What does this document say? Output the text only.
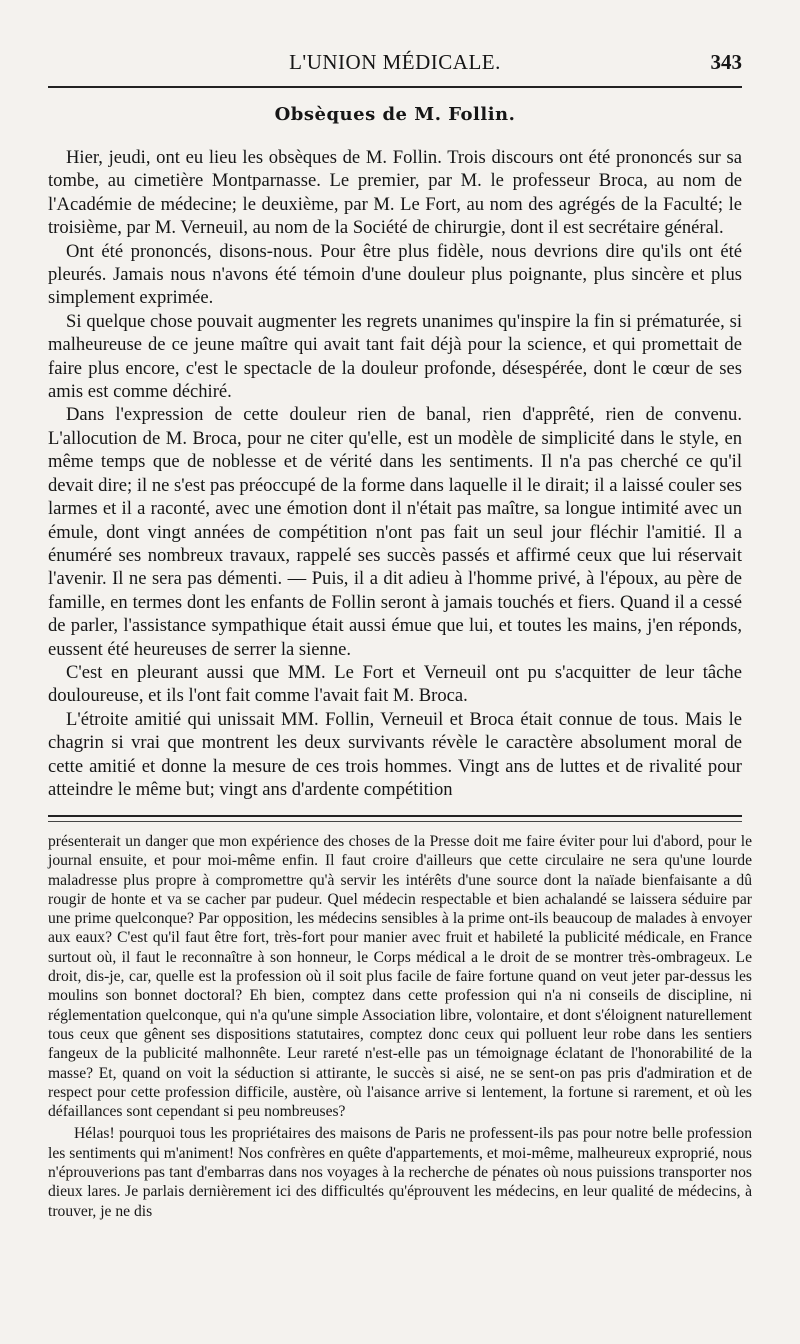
L'UNION MÉDICALE.	343
Obsèques de M. Follin.

Hier, jeudi, ont eu lieu les obsèques de M. Follin. Trois discours ont été prononcés sur sa tombe, au cimetière Montparnasse. Le premier, par M. le professeur Broca, au nom de l'Académie de médecine; le deuxième, par M. Le Fort, au nom des agrégés de la Faculté; le troisième, par M. Verneuil, au nom de la Société de chirurgie, dont il est secrétaire général.

Ont été prononcés, disons-nous. Pour être plus fidèle, nous devrions dire qu'ils ont été pleurés. Jamais nous n'avons été témoin d'une douleur plus poignante, plus sincère et plus simplement exprimée.

Si quelque chose pouvait augmenter les regrets unanimes qu'inspire la fin si prématurée, si malheureuse de ce jeune maître qui avait tant fait déjà pour la science, et qui promettait de faire plus encore, c'est le spectacle de la douleur profonde, désespérée, dont le cœur de ses amis est comme déchiré.

Dans l'expression de cette douleur rien de banal, rien d'apprêté, rien de convenu. L'allocution de M. Broca, pour ne citer qu'elle, est un modèle de simplicité dans le style, en même temps que de noblesse et de vérité dans les sentiments. Il n'a pas cherché ce qu'il devait dire; il ne s'est pas préoccupé de la forme dans laquelle il le dirait; il a laissé couler ses larmes et il a raconté, avec une émotion dont il n'était pas maître, sa longue intimité avec un émule, dont vingt années de compétition n'ont pas fait un seul jour fléchir l'amitié. Il a énuméré ses nombreux travaux, rappelé ses succès passés et affirmé ceux que lui réservait l'avenir. Il ne sera pas démenti. — Puis, il a dit adieu à l'homme privé, à l'époux, au père de famille, en termes dont les enfants de Follin seront à jamais touchés et fiers. Quand il a cessé de parler, l'assistance sympathique était aussi émue que lui, et toutes les mains, j'en réponds, eussent été heureuses de serrer la sienne.

C'est en pleurant aussi que MM. Le Fort et Verneuil ont pu s'acquitter de leur tâche douloureuse, et ils l'ont fait comme l'avait fait M. Broca.

L'étroite amitié qui unissait MM. Follin, Verneuil et Broca était connue de tous. Mais le chagrin si vrai que montrent les deux survivants révèle le caractère absolument moral de cette amitié et donne la mesure de ces trois hommes. Vingt ans de luttes et de rivalité pour atteindre le même but; vingt ans d'ardente compétition

présenterait un danger que mon expérience des choses de la Presse doit me faire éviter pour lui d'abord, pour le journal ensuite, et pour moi-même enfin. Il faut croire d'ailleurs que cette circulaire ne sera qu'une lourde maladresse plus propre à compromettre qu'à servir les intérêts d'une source dont la naïade bienfaisante a dû rougir de honte et va se cacher par pudeur. Quel médecin respectable et bien achalandé se laissera séduire par une prime quelconque? Par opposition, les médecins sensibles à la prime ont-ils beaucoup de malades à envoyer aux eaux? C'est qu'il faut être fort, très-fort pour manier avec fruit et habileté la publicité médicale, en France surtout où, il faut le reconnaître à son honneur, le Corps médical a le droit de se montrer très-ombrageux. Le droit, dis-je, car, quelle est la profession où il soit plus facile de faire fortune quand on veut jeter par-dessus les moulins son bonnet doctoral? Eh bien, comptez dans cette profession qui n'a ni conseils de discipline, ni réglementation quelconque, qui n'a qu'une simple Association libre, volontaire, et dont s'éloignent naturellement tous ceux que gênent ses dispositions statutaires, comptez donc ceux qui polluent leur robe dans les sentiers fangeux de la publicité malhonnête. Leur rareté n'est-elle pas un témoignage éclatant de l'honorabilité de la masse? Et, quand on voit la séduction si attirante, le succès si aisé, ne se sent-on pas pris d'admiration et de respect pour cette profession difficile, austère, où l'aisance arrive si lentement, la fortune si rarement, et où les défaillances sont cependant si peu nombreuses?

Hélas! pourquoi tous les propriétaires des maisons de Paris ne professent-ils pas pour notre belle profession les sentiments qui m'animent! Nos confrères en quête d'appartements, et moi-même, malheureux exproprié, nous n'éprouverions pas tant d'embarras dans nos voyages à la recherche de pénates où nous puissions transporter nos dieux lares. Je parlais dernièrement ici des difficultés qu'éprouvent les médecins, en leur qualité de médecins, à trouver, je ne dis
